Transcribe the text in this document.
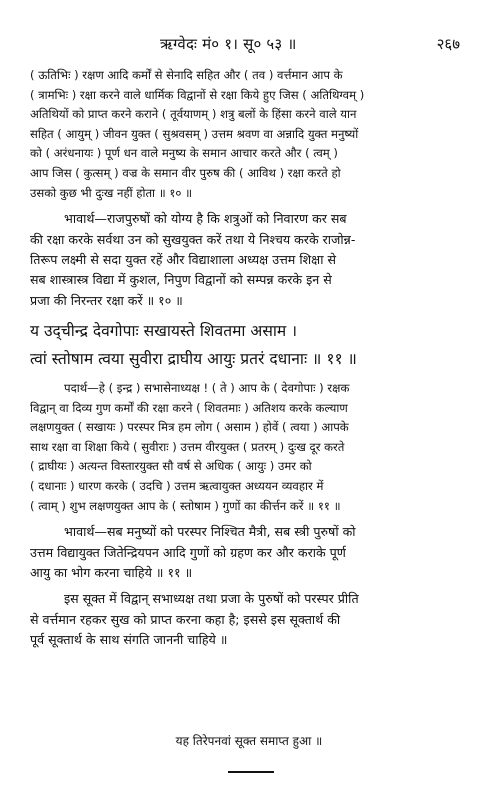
ऋग्वेदः मं० १। सू० ५३ ॥	२६७
( ऊतिभिः ) रक्षण आदि कर्मों से सेनादि सहित और ( तव ) वर्त्तमान आप के
( त्रामभिः ) रक्षा करने वाले धार्मिक विद्वानों से रक्षा किये हुए जिस ( अतिथिग्वम् )
अतिथियों को प्राप्त करने कराने ( तूर्वयाणम् ) शत्रु बलों के हिंसा करने वाले यान
सहित ( आयुम् ) जीवन युक्त ( सुश्रवसम् ) उत्तम श्रवण वा अन्नादि युक्त मनुष्यों
को ( अरंधनायः ) पूर्ण धन वाले मनुष्य के समान आचार करते और ( त्वम् )
आप जिस ( कुत्सम् ) वज्र के समान वीर पुरुष की ( आविथ ) रक्षा करते हो
उसको कुछ भी दुःख नहीं होता ॥ १० ॥
भावार्थ—राजपुरुषों को योग्य है कि शत्रुओं को निवारण कर सब
की रक्षा करके सर्वथा उन को सुखयुक्त करें तथा ये निश्चय करके राजोन्न-
तिरूप लक्ष्मी से सदा युक्त रहें और विद्याशाला अध्यक्ष उत्तम शिक्षा से
सब शास्त्रास्त्र विद्या में कुशल, निपुण विद्वानों को सम्पन्न करके इन से
प्रजा की निरन्तर रक्षा करें ॥ १० ॥
य उद्‌चीन्द्र देवगोपाः सखायस्ते शिवतमा असाम ।
त्वां स्तोषाम त्वया सुवीरा द्राघीय आयुः प्रतरं दधानाः ॥ ११ ॥
पदार्थ—हे ( इन्द्र ) सभासेनाध्यक्ष ! ( ते ) आप के ( देवगोपाः ) रक्षक
विद्वान् वा दिव्य गुण कर्मों की रक्षा करने ( शिवतमाः ) अतिशय करके कल्याण
लक्षणयुक्त ( सखायः ) परस्पर मित्र हम लोग ( असाम ) होवें ( त्वया ) आपके
साथ रक्षा वा शिक्षा किये ( सुवीराः ) उत्तम वीरयुक्त ( प्रतरम् ) दुःख दूर करते
( द्राघीयः ) अत्यन्त विस्तारयुक्त सौ वर्ष से अधिक ( आयुः ) उमर को
( दधानाः ) धारण करके ( उदचि ) उत्तम ऋत्वायुक्त अध्ययन व्यवहार में
( त्वाम् ) शुभ लक्षणयुक्त आप के ( स्तोषाम ) गुणों का कीर्त्तन करें ॥ ११ ॥
भावार्थ—सब मनुष्यों को परस्पर निश्चित मैत्री, सब स्त्री पुरुषों को
उत्तम विद्यायुक्त जितेन्द्रियपन आदि गुणों को ग्रहण कर और कराके पूर्ण
आयु का भोग करना चाहिये ॥ ११ ॥
इस सूक्त में विद्वान् सभाध्यक्ष तथा प्रजा के पुरुषों को परस्पर प्रीति
से वर्त्तमान रहकर सुख को प्राप्त करना कहा है; इससे इस सूक्तार्थ की
पूर्व सूक्तार्थ के साथ संगति जाननी चाहिये ॥
यह तिरेपनवां सूक्त समाप्त हुआ ॥
